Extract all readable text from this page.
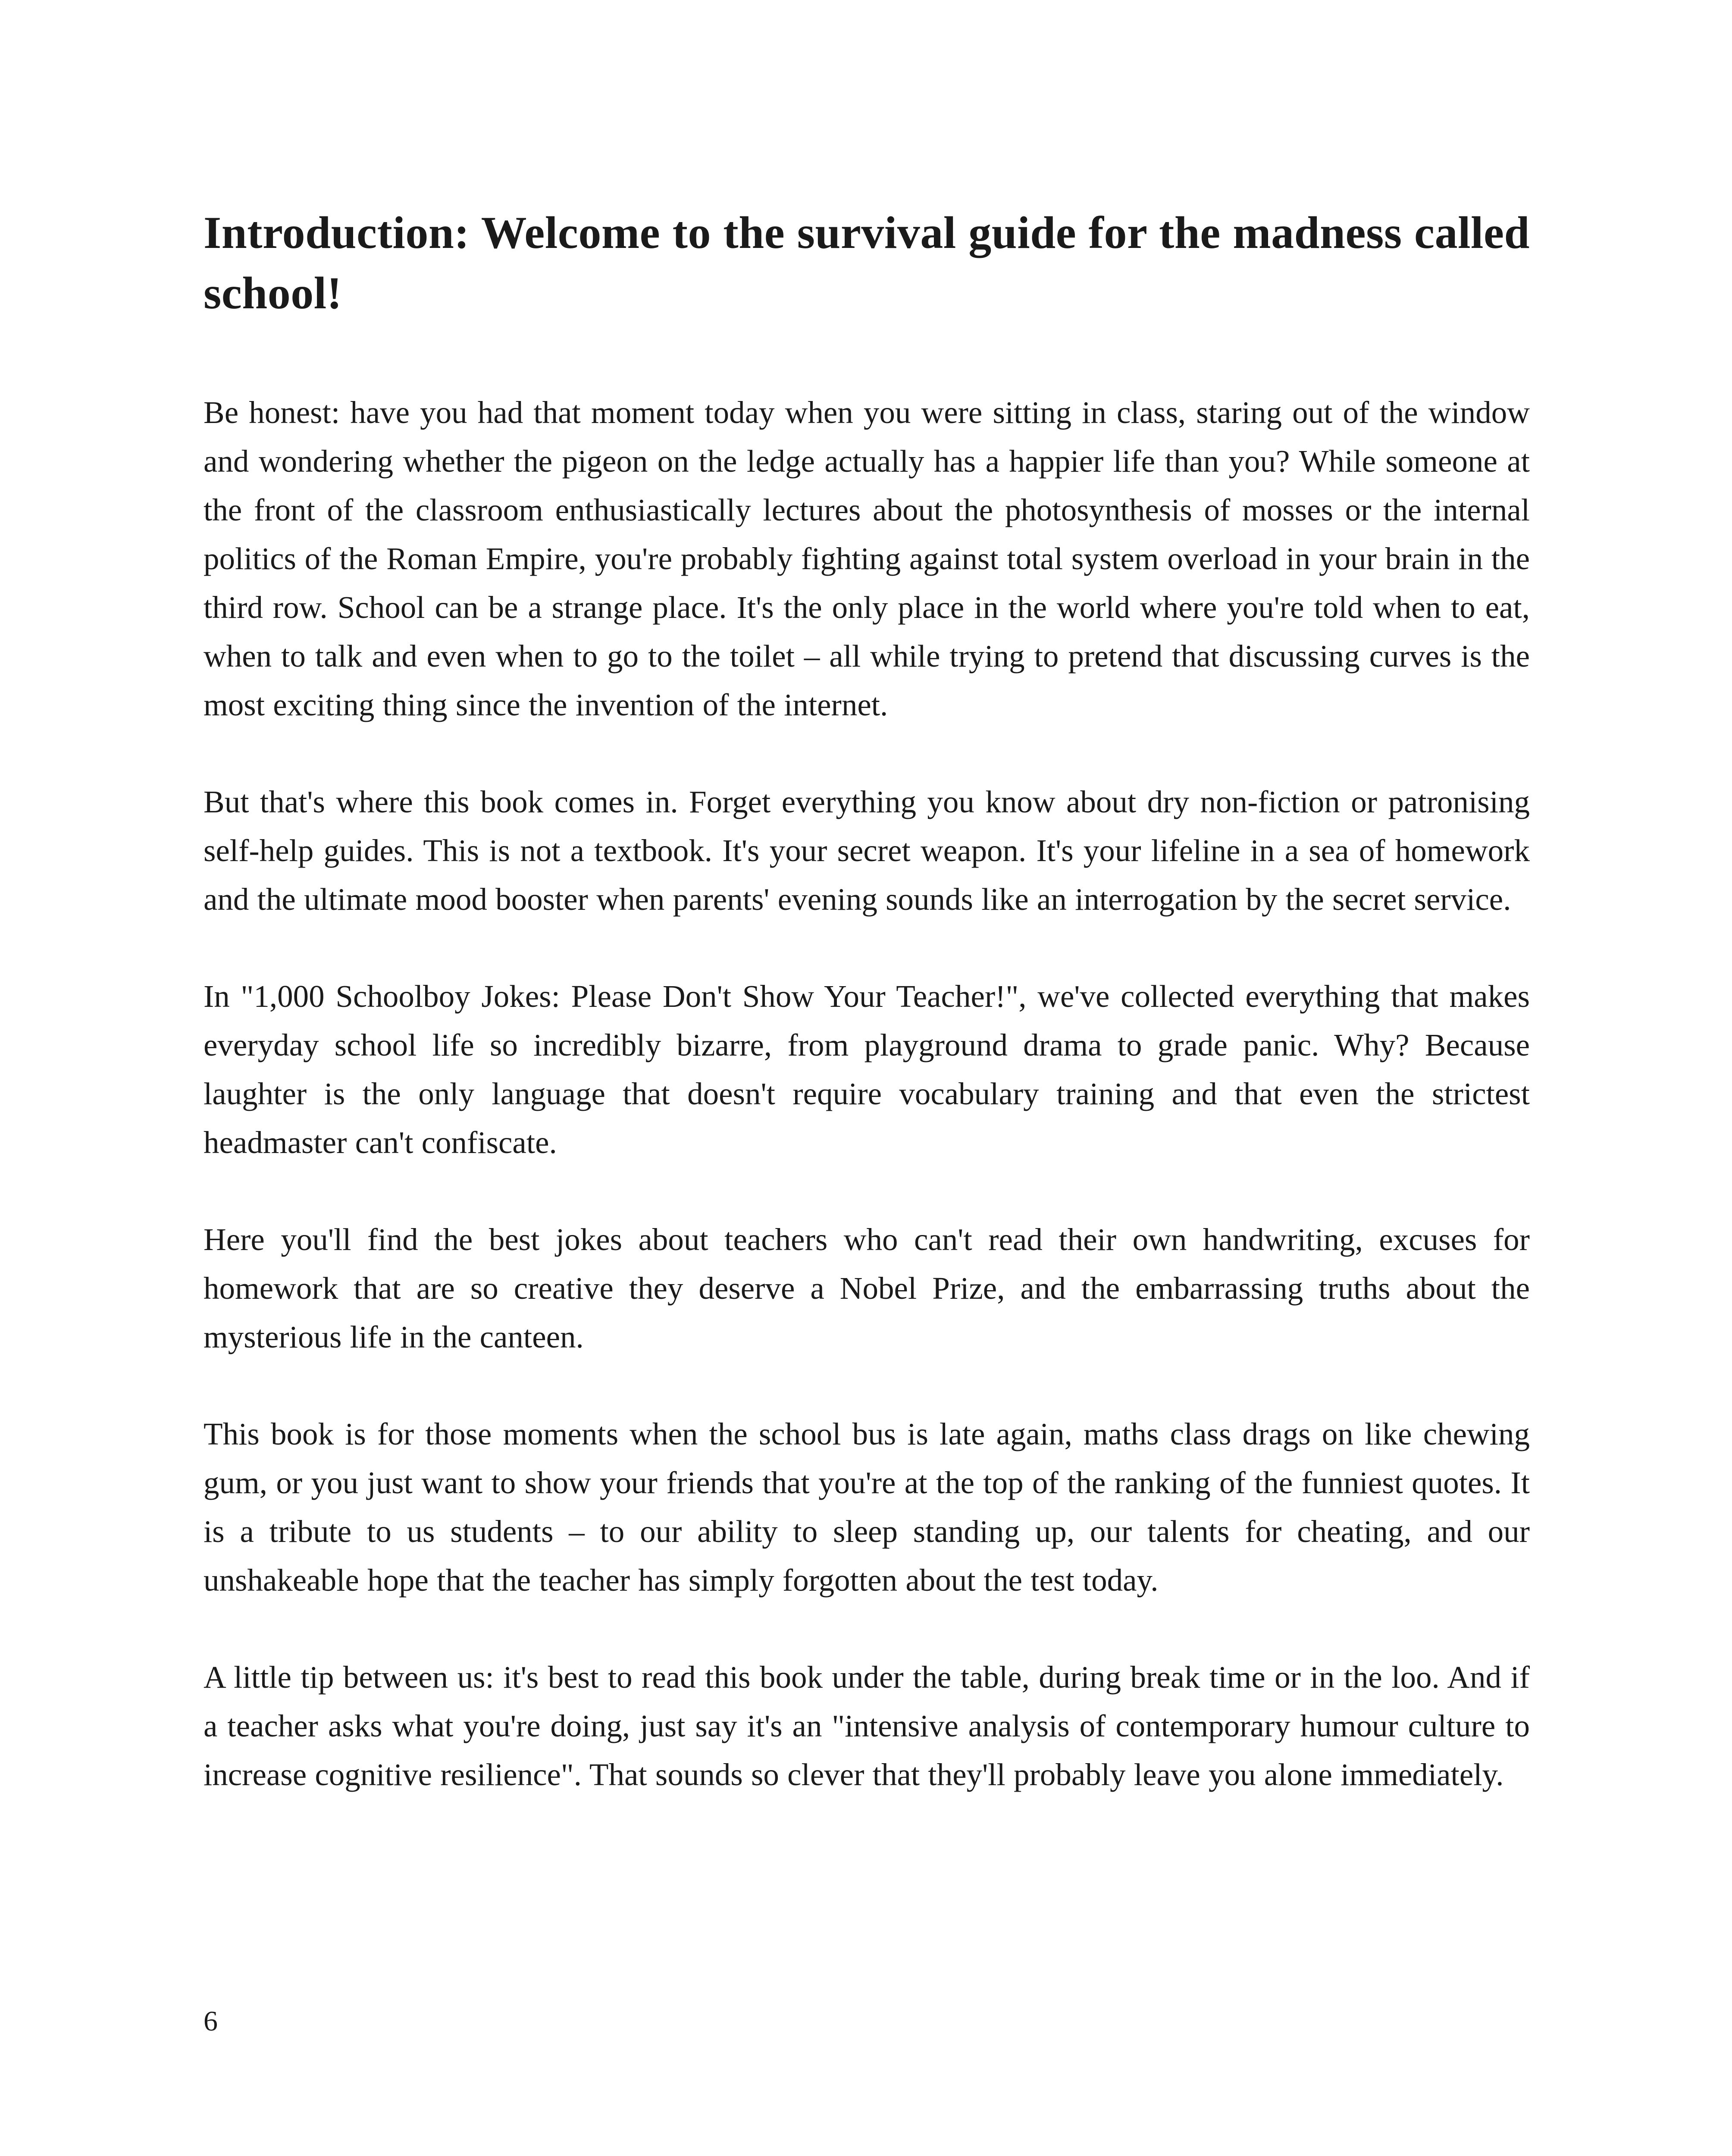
Introduction: Welcome to the survival guide for the madness called school!

Be honest: have you had that moment today when you were sitting in class, staring out of the window and wondering whether the pigeon on the ledge actually has a happier life than you? While someone at the front of the classroom enthusiastically lectures about the photosynthesis of mosses or the internal politics of the Roman Empire, you're probably fighting against total system overload in your brain in the third row. School can be a strange place. It's the only place in the world where you're told when to eat, when to talk and even when to go to the toilet – all while trying to pretend that discussing curves is the most exciting thing since the invention of the internet.

But that's where this book comes in. Forget everything you know about dry non-fiction or patronising self-help guides. This is not a textbook. It's your secret weapon. It's your lifeline in a sea of homework and the ultimate mood booster when parents' evening sounds like an interrogation by the secret service.

In "1,000 Schoolboy Jokes: Please Don't Show Your Teacher!", we've collected everything that makes everyday school life so incredibly bizarre, from playground drama to grade panic. Why? Because laughter is the only language that doesn't require vocabulary training and that even the strictest headmaster can't confiscate.

Here you'll find the best jokes about teachers who can't read their own handwriting, excuses for homework that are so creative they deserve a Nobel Prize, and the embarrassing truths about the mysterious life in the canteen.

This book is for those moments when the school bus is late again, maths class drags on like chewing gum, or you just want to show your friends that you're at the top of the ranking of the funniest quotes. It is a tribute to us students – to our ability to sleep standing up, our talents for cheating, and our unshakeable hope that the teacher has simply forgotten about the test today.

A little tip between us: it's best to read this book under the table, during break time or in the loo. And if a teacher asks what you're doing, just say it's an "intensive analysis of contemporary humour culture to increase cognitive resilience". That sounds so clever that they'll probably leave you alone immediately.

6
